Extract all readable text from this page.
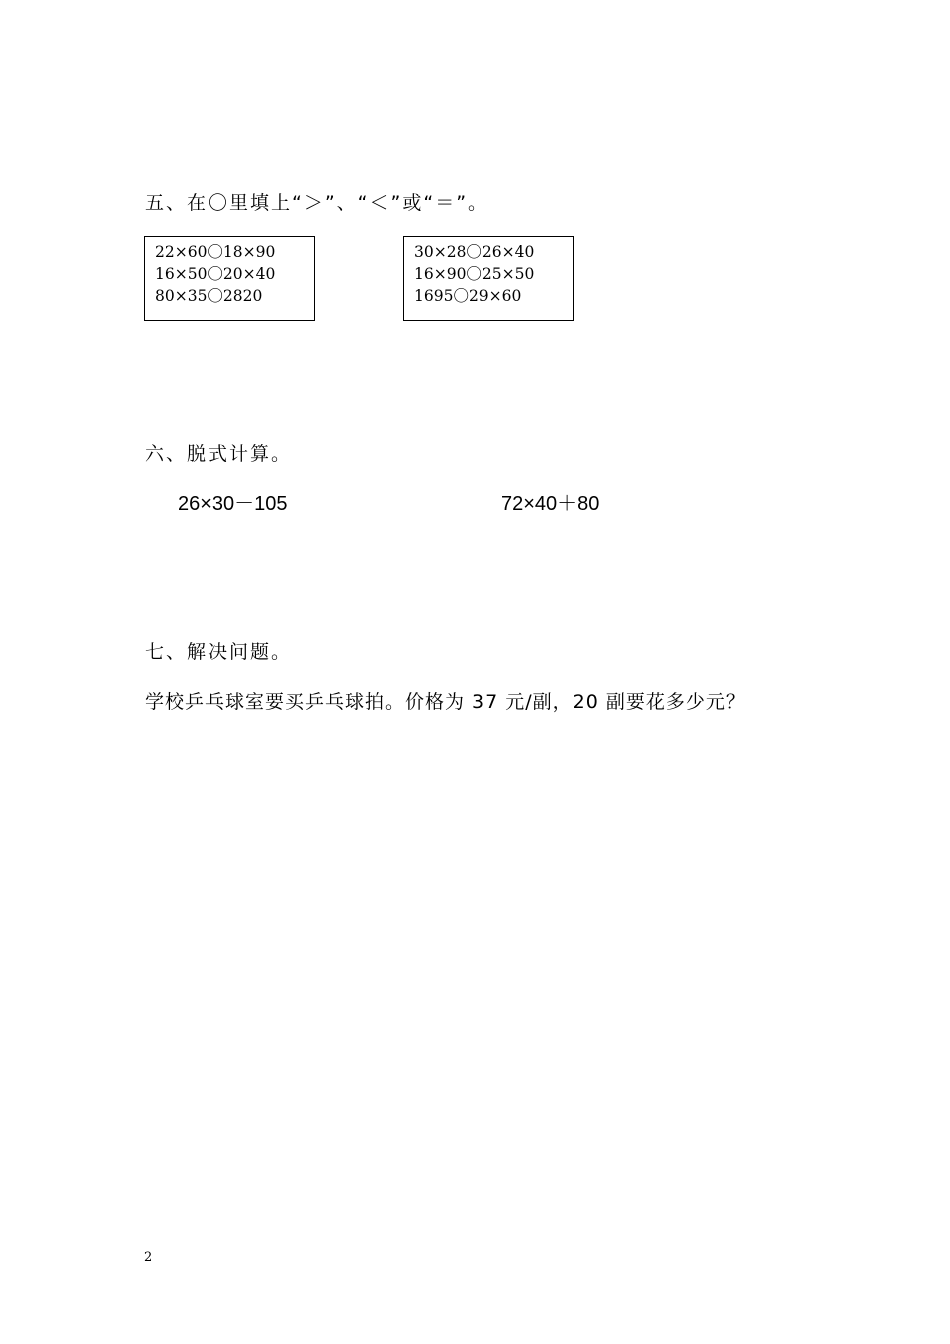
五、在〇里填上“＞”、“＜”或“＝”。
22×60〇18×90
16×50〇20×40
80×35〇2820
30×28〇26×40
16×90〇25×50
1695〇29×60
六、脱式计算。
26×30－105	72×40＋80
七、解决问题。
学校乒乓球室要买乒乓球拍。价格为 37 元/副，20 副要花多少元？
2
